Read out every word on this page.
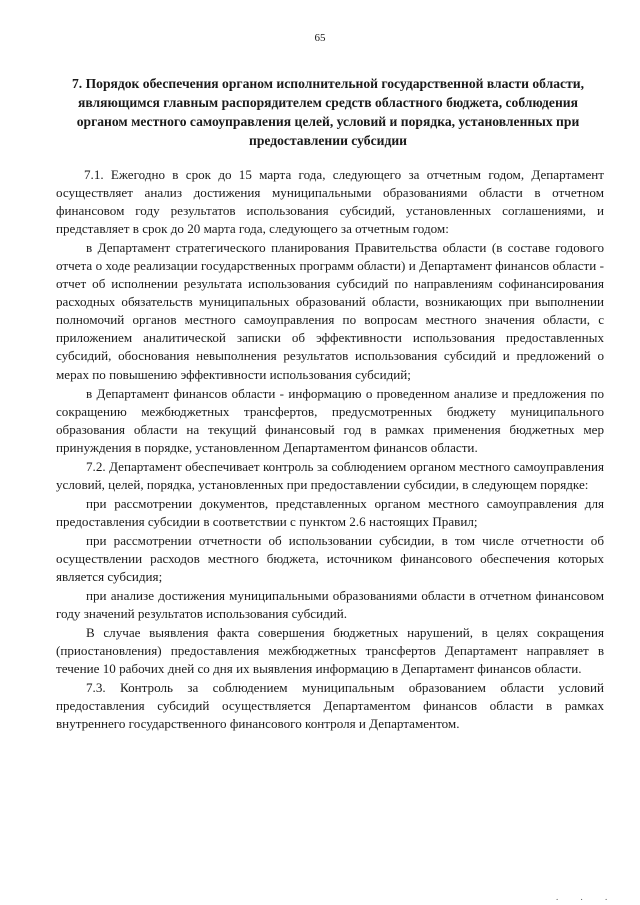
65
7. Порядок обеспечения органом исполнительной государственной власти области, являющимся главным распорядителем средств областного бюджета, соблюдения органом местного самоуправления целей, условий и порядка, установленных при предоставлении субсидии

7.1. Ежегодно в срок до 15 марта года, следующего за отчетным годом, Департамент осуществляет анализ достижения муниципальными образованиями области в отчетном финансовом году результатов использования субсидий, установленных соглашениями, и представляет в срок до 20 марта года, следующего за отчетным годом:

в Департамент стратегического планирования Правительства области (в составе годового отчета о ходе реализации государственных программ области) и Департамент финансов области - отчет об исполнении результата использования субсидий по направлениям софинансирования расходных обязательств муниципальных образований области, возникающих при выполнении полномочий органов местного самоуправления по вопросам местного значения области, с приложением аналитической записки об эффективности использования предоставленных субсидий, обоснования невыполнения результатов использования субсидий и предложений о мерах по повышению эффективности использования субсидий;

в Департамент финансов области - информацию о проведенном анализе и предложения по сокращению межбюджетных трансфертов, предусмотренных бюджету муниципального образования области на текущий финансовый год в рамках применения бюджетных мер принуждения в порядке, установленном Департаментом финансов области.

7.2. Департамент обеспечивает контроль за соблюдением органом местного самоуправления условий, целей, порядка, установленных при предоставлении субсидии, в следующем порядке:

при рассмотрении документов, представленных органом местного самоуправления для предоставления субсидии в соответствии с пунктом 2.6 настоящих Правил;

при рассмотрении отчетности об использовании субсидии, в том числе отчетности об осуществлении расходов местного бюджета, источником финансового обеспечения которых является субсидия;

при анализе достижения муниципальными образованиями области в отчетном финансовом году значений результатов использования субсидий.

В случае выявления факта совершения бюджетных нарушений, в целях сокращения (приостановления) предоставления межбюджетных трансфертов Департамент направляет в течение 10 рабочих дней со дня их выявления информацию в Департамент финансов области.

7.3. Контроль за соблюдением муниципальным образованием области условий предоставления субсидий осуществляется Департаментом финансов области в рамках внутреннего государственного финансового контроля и Департаментом.

. . .
